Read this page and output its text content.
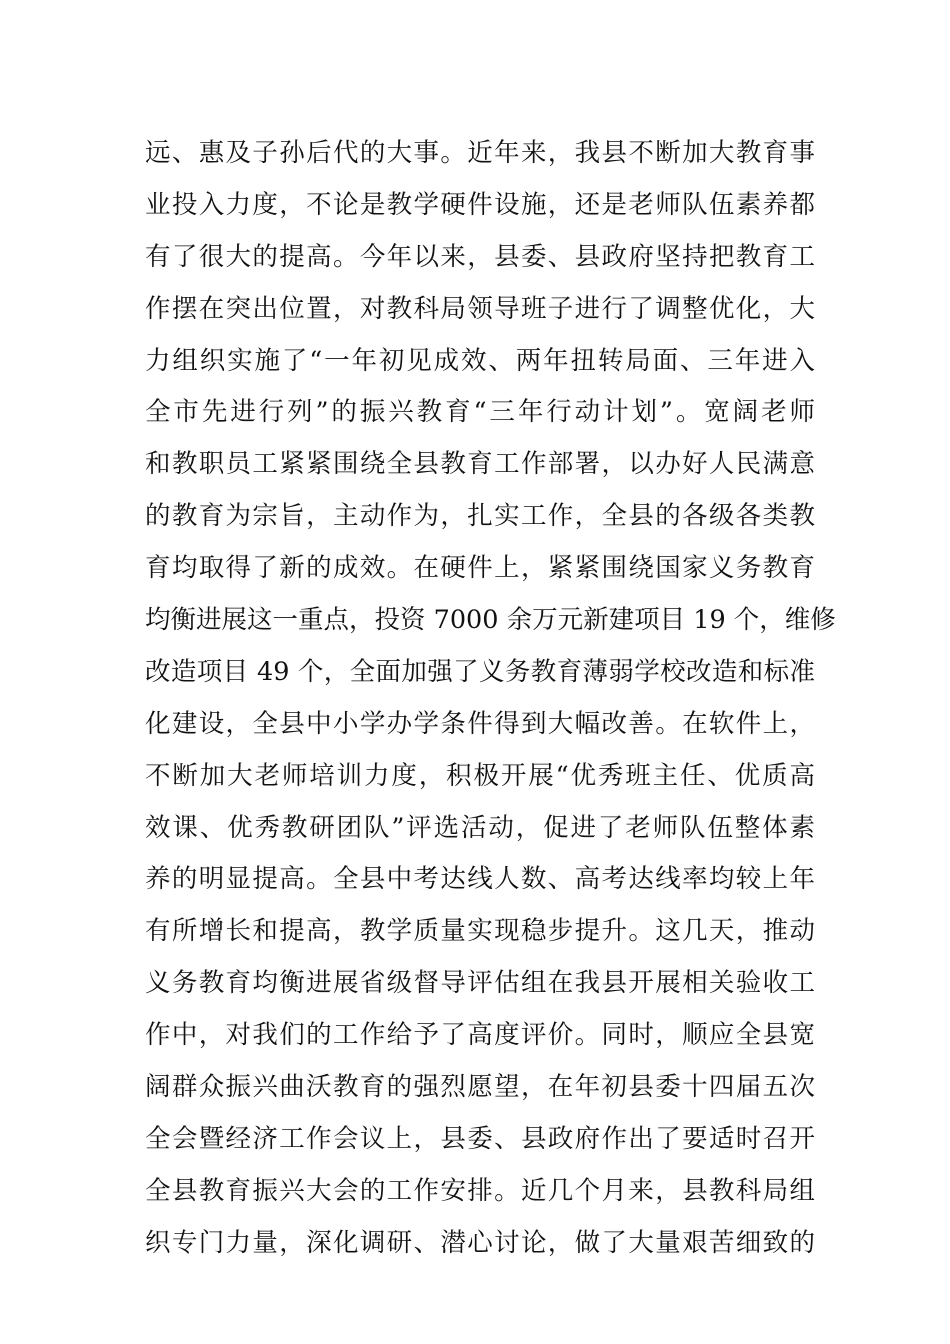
远、惠及子孙后代的大事。近年来，我县不断加大教育事
业投入力度，不论是教学硬件设施，还是老师队伍素养都
有了很大的提高。今年以来，县委、县政府坚持把教育工
作摆在突出位置，对教科局领导班子进行了调整优化，大
力组织实施了“一年初见成效、两年扭转局面、三年进入
全市先进行列”的振兴教育“三年行动计划”。宽阔老师
和教职员工紧紧围绕全县教育工作部署，以办好人民满意
的教育为宗旨，主动作为，扎实工作，全县的各级各类教
育均取得了新的成效。在硬件上，紧紧围绕国家义务教育
均衡进展这一重点，投资 7000 余万元新建项目 19 个，维修
改造项目 49 个，全面加强了义务教育薄弱学校改造和标准
化建设，全县中小学办学条件得到大幅改善。在软件上，
不断加大老师培训力度，积极开展“优秀班主任、优质高
效课、优秀教研团队”评选活动，促进了老师队伍整体素
养的明显提高。全县中考达线人数、高考达线率均较上年
有所增长和提高，教学质量实现稳步提升。这几天，推动
义务教育均衡进展省级督导评估组在我县开展相关验收工
作中，对我们的工作给予了高度评价。同时，顺应全县宽
阔群众振兴曲沃教育的强烈愿望，在年初县委十四届五次
全会暨经济工作会议上，县委、县政府作出了要适时召开
全县教育振兴大会的工作安排。近几个月来，县教科局组
织专门力量，深化调研、潜心讨论，做了大量艰苦细致的
